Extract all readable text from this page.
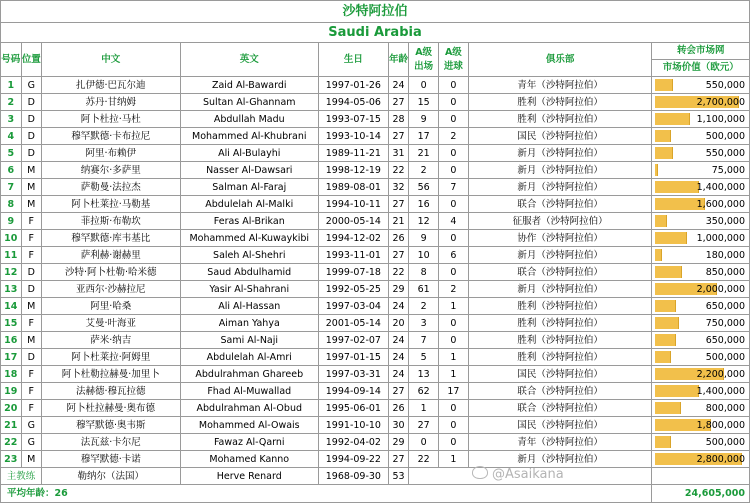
沙特阿拉伯									
Saudi Arabia									
号码	位置	中文	英文	生日	年龄	A级出场	A级进球	俱乐部	转会市场网
									市场价值（欧元）
1	G	扎伊德·巴瓦尔迪	Zaid Al-Bawardi	1997-01-26	24	0	0	青年（沙特阿拉伯）	550,000
2	D	苏丹·甘纳姆	Sultan Al-Ghannam	1994-05-06	27	15	0	胜利（沙特阿拉伯）	2,700,000
3	D	阿卜杜拉·马杜	Abdullah Madu	1993-07-15	28	9	0	胜利（沙特阿拉伯）	1,100,000
4	D	穆罕默德·卡布拉尼	Mohammed Al-Khubrani	1993-10-14	27	17	2	国民（沙特阿拉伯）	500,000
5	D	阿里·布赖伊	Ali Al-Bulayhi	1989-11-21	31	21	0	新月（沙特阿拉伯）	550,000
6	M	纳赛尔·多萨里	Nasser Al-Dawsari	1998-12-19	22	2	0	新月（沙特阿拉伯）	75,000
7	M	萨勒曼·法拉杰	Salman Al-Faraj	1989-08-01	32	56	7	新月（沙特阿拉伯）	1,400,000
8	M	阿卜杜莱拉·马勒基	Abdulelah Al-Malki	1994-10-11	27	16	0	联合（沙特阿拉伯）	1,600,000
9	F	菲拉斯·布勒坎	Feras Al-Brikan	2000-05-14	21	12	4	征服者（沙特阿拉伯）	350,000
10	F	穆罕默德·库韦基比	Mohammed Al-Kuwaykibi	1994-12-02	26	9	0	协作（沙特阿拉伯）	1,000,000
11	F	萨利赫·谢赫里	Saleh Al-Shehri	1993-11-01	27	10	6	新月（沙特阿拉伯）	180,000
12	D	沙特·阿卜杜勒·哈米德	Saud Abdulhamid	1999-07-18	22	8	0	联合（沙特阿拉伯）	850,000
13	D	亚西尔·沙赫拉尼	Yasir Al-Shahrani	1992-05-25	29	61	2	新月（沙特阿拉伯）	2,000,000
14	M	阿里·哈桑	Ali Al-Hassan	1997-03-04	24	2	1	胜利（沙特阿拉伯）	650,000
15	F	艾曼·叶海亚	Aiman Yahya	2001-05-14	20	3	0	胜利（沙特阿拉伯）	750,000
16	M	萨米·纳吉	Sami Al-Naji	1997-02-07	24	7	0	胜利（沙特阿拉伯）	650,000
17	D	阿卜杜莱拉·阿姆里	Abdulelah Al-Amri	1997-01-15	24	5	1	胜利（沙特阿拉伯）	500,000
18	F	阿卜杜勒拉赫曼·加里卜	Abdulrahman Ghareeb	1997-03-31	24	13	1	国民（沙特阿拉伯）	2,200,000
19	F	法赫德·穆瓦拉德	Fhad Al-Muwallad	1994-09-14	27	62	17	联合（沙特阿拉伯）	1,400,000
20	F	阿卜杜拉赫曼·奥布德	Abdulrahman Al-Obud	1995-06-01	26	1	0	联合（沙特阿拉伯）	800,000
21	G	穆罕默德·奥韦斯	Mohammed Al-Owais	1991-10-10	30	27	0	国民（沙特阿拉伯）	1,800,000
22	G	法瓦兹·卡尔尼	Fawaz Al-Qarni	1992-04-02	29	0	0	青年（沙特阿拉伯）	500,000
23	M	穆罕默德·卡诺	Mohamed Kanno	1994-09-22	27	22	1	新月（沙特阿拉伯）	2,800,000
主教练		勒纳尔（法国）	Herve Renard	1968-09-30	53				
平均年龄：26									24,605,000
@Asaikana
